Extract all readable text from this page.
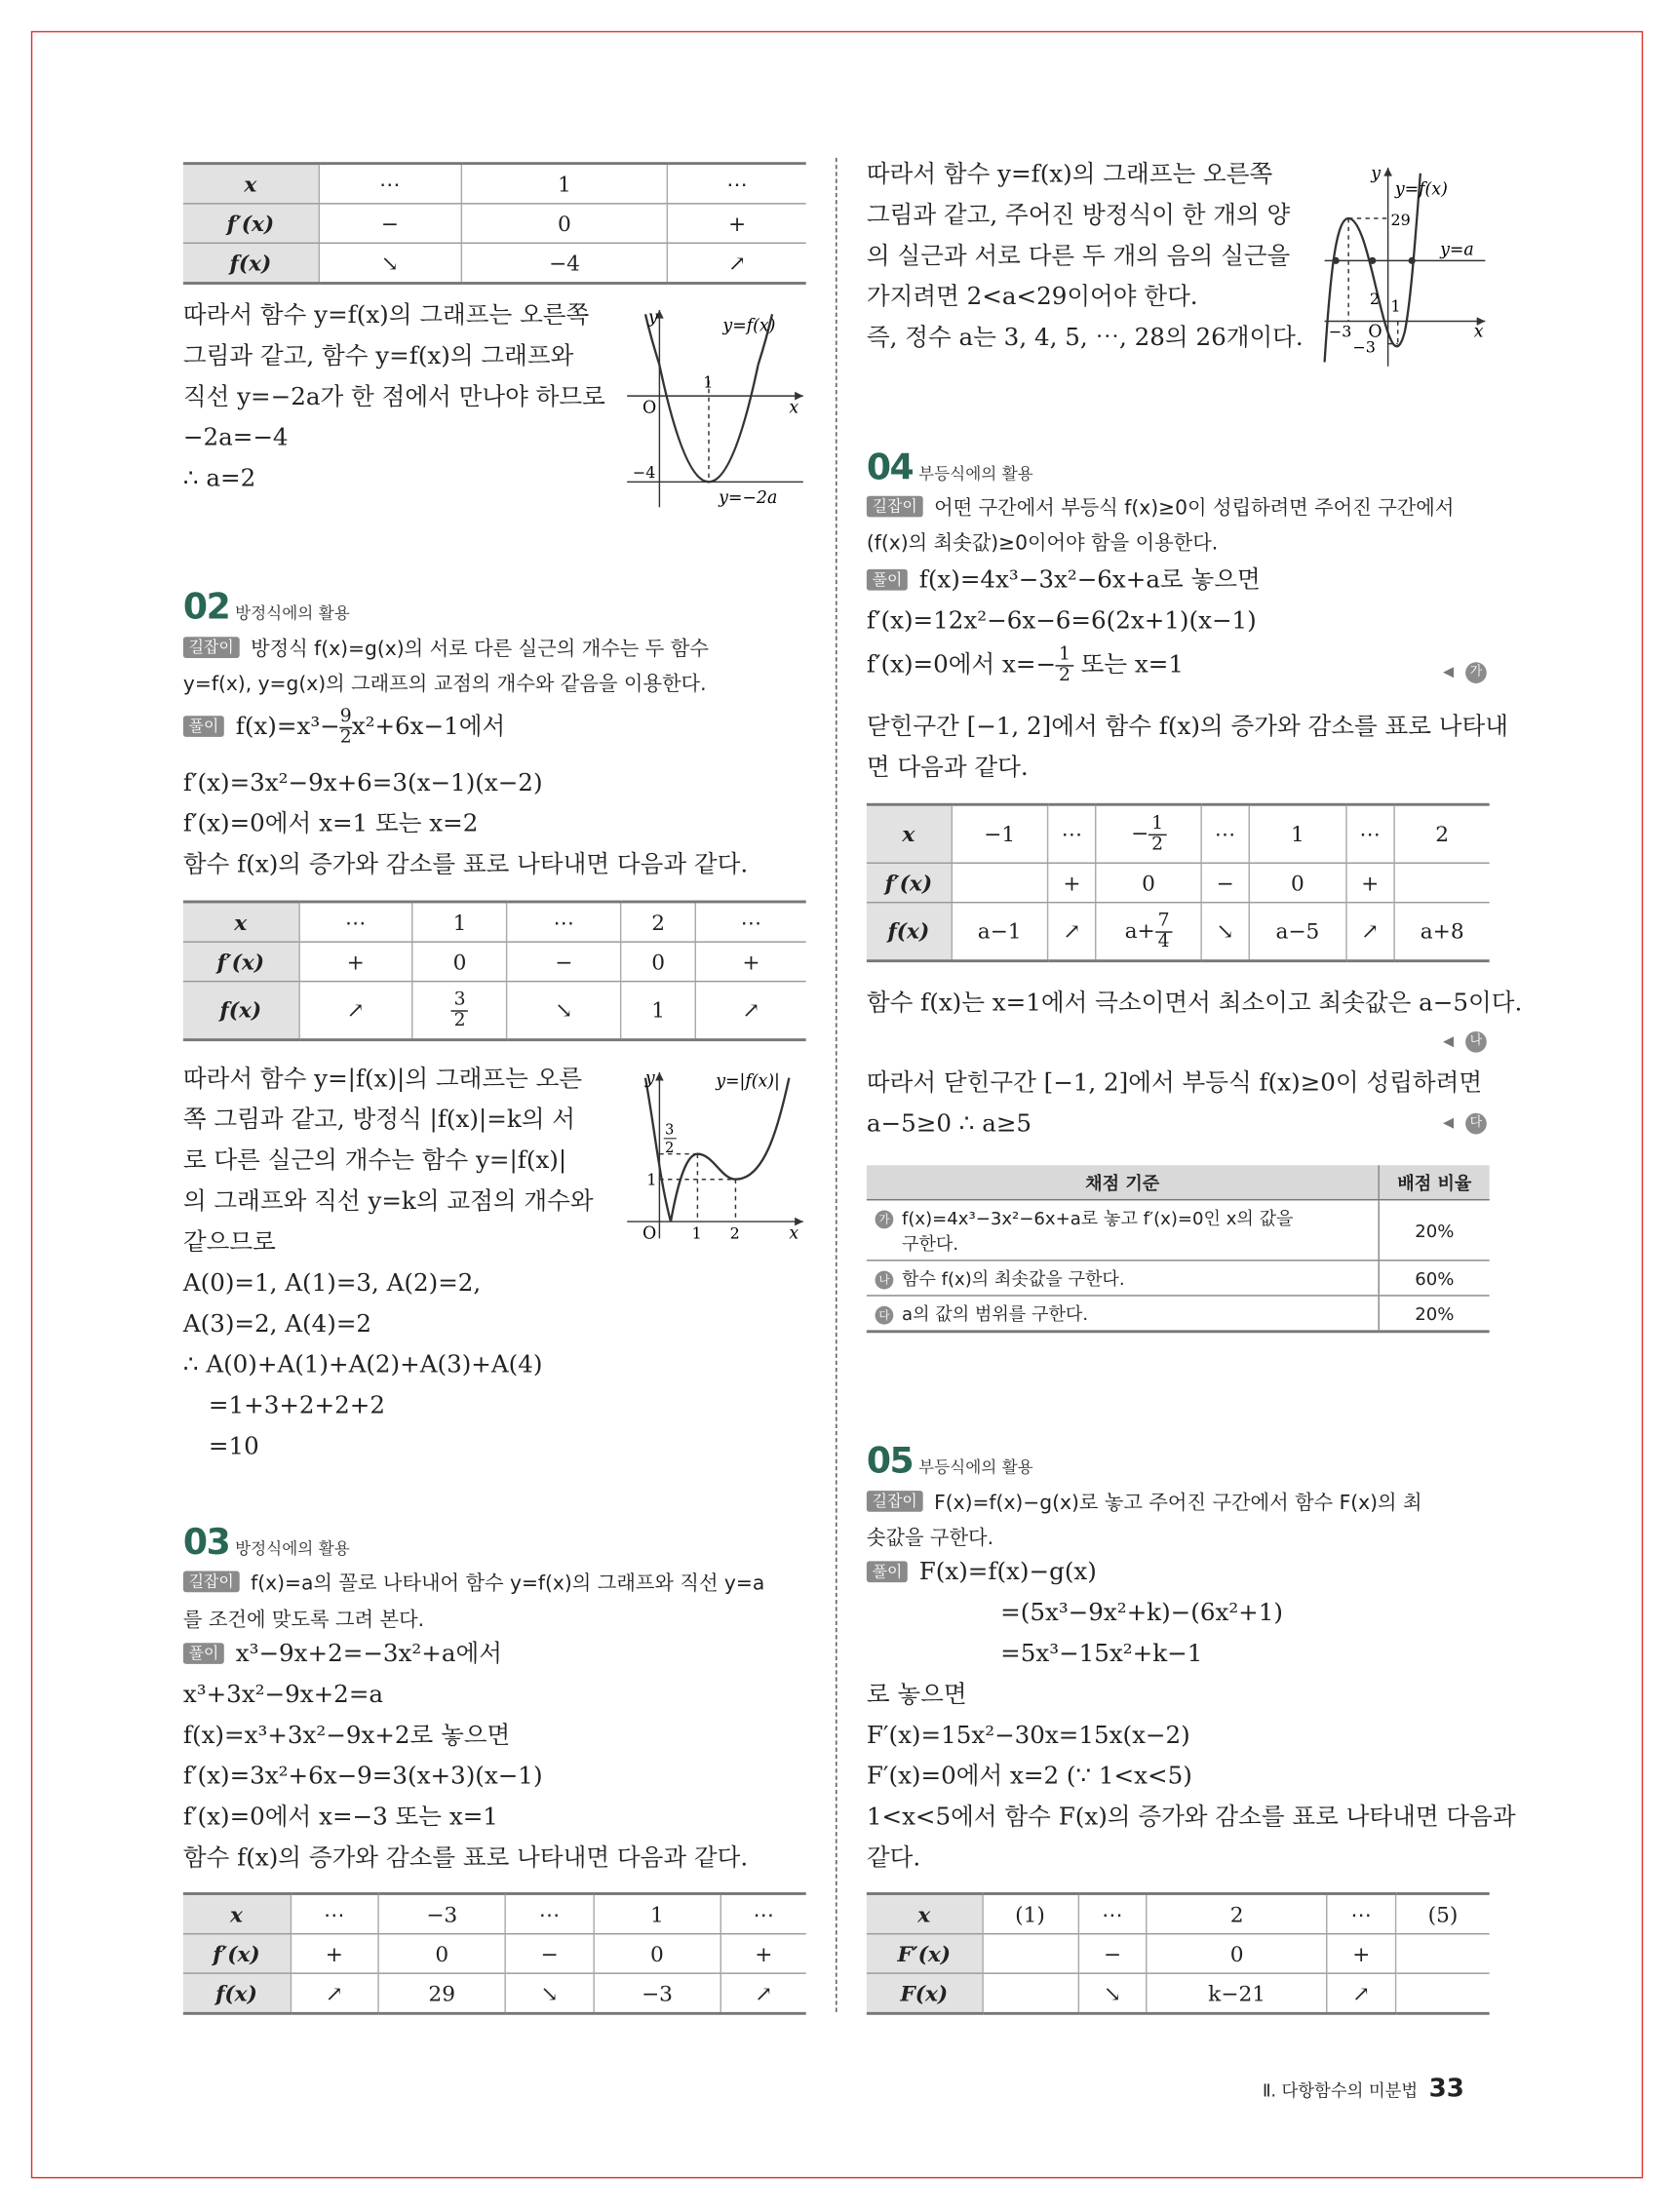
x	⋯	1	⋯
f′(x)	−	0	+
f(x)	↘	−4	↗
따라서 함수 y=f(x)의 그래프는 오른쪽
그림과 같고, 함수 y=f(x)의 그래프와
직선 y=−2a가 한 점에서 만나야 하므로
−2a=−4
∴ a=2
y
x
y=f(x)
O
1
−4
y=−2a
02 방정식에의 활용
길잡이 방정식 f(x)=g(x)의 서로 다른 실근의 개수는 두 함수
y=f(x), y=g(x)의 그래프의 교점의 개수와 같음을 이용한다.
풀이 $f(x)=x^3- \frac{9}{2} x^2+6x-1$에서
f′(x)=3x²−9x+6=3(x−1)(x−2)
f′(x)=0에서 x=1 또는 x=2
함수 f(x)의 증가와 감소를 표로 나타내면 다음과 같다.
x	⋯	1	⋯	2	⋯
f′(x)	+	0	−	0	+
f(x)	↗	$\frac{3}{2}$	↘	1	↗
따라서 함수 y=|f(x)|의 그래프는 오른
쪽 그림과 같고, 방정식 |f(x)|=k의 서
로 다른 실근의 개수는 함수 y=|f(x)|
의 그래프와 직선 y=k의 교점의 개수와
같으므로
A(0)=1, A(1)=3, A(2)=2,
A(3)=2, A(4)=2
∴ A(0)+A(1)+A(2)+A(3)+A(4)
=1+3+2+2+2
=10
y
x
y=|f(x)|
O	1	2
3
2
1
03 방정식에의 활용
길잡이 f(x)=a의 꼴로 나타내어 함수 y=f(x)의 그래프와 직선 y=a
를 조건에 맞도록 그려 본다.
풀이 x³−9x+2=−3x²+a에서
x³+3x²−9x+2=a
f(x)=x³+3x²−9x+2로 놓으면
f′(x)=3x²+6x−9=3(x+3)(x−1)
f′(x)=0에서 x=−3 또는 x=1
함수 f(x)의 증가와 감소를 표로 나타내면 다음과 같다.
x	⋯	−3	⋯	1	⋯
f′(x)	+	0	−	0	+
f(x)	↗	29	↘	−3	↗
따라서 함수 y=f(x)의 그래프는 오른쪽
그림과 같고, 주어진 방정식이 한 개의 양
의 실근과 서로 다른 두 개의 음의 실근을
가지려면 2<a<29이어야 한다.
즉, 정수 a는 3, 4, 5, ⋯, 28의 26개이다.
y
x
y=f(x)
y=a
29
2 1
−3 O
−3
04 부등식에의 활용
길잡이 어떤 구간에서 부등식 f(x)≥0이 성립하려면 주어진 구간에서
(f(x)의 최솟값)≥0이어야 함을 이용한다.
풀이 f(x)=4x³−3x²−6x+a로 놓으면
f′(x)=12x²−6x−6=6(2x+1)(x−1)
f′(x)=0에서 $x=- \frac{1}{2}$ 또는 x=1	◀	가
닫힌구간 [−1, 2]에서 함수 f(x)의 증가와 감소를 표로 나타내
면 다음과 같다.
x	−1	⋯	− $\frac{1}{2}$	⋯	1	⋯	2
f′(x)		+	0	−	0	+	
f(x)	a−1	↗	$a+ \frac{7}{4}$	↘	a−5	↗	a+8
함수 f(x)는 x=1에서 극소이면서 최소이고 최솟값은 a−5이다.
◀	나
따라서 닫힌구간 [−1, 2]에서 부등식 f(x)≥0이 성립하려면
a−5≥0 ∴ a≥5	◀	다
채점 기준	배점 비율
가 f(x)=4x³−3x²−6x+a로 놓고 f′(x)=0인 x의 값을
구한다.	20%
나 함수 f(x)의 최솟값을 구한다.	60%
다 a의 값의 범위를 구한다.	20%
05 부등식에의 활용
길잡이 F(x)=f(x)−g(x)로 놓고 주어진 구간에서 함수 F(x)의 최
솟값을 구한다.
풀이 F(x)=f(x)−g(x)
=(5x³−9x²+k)−(6x²+1)
=5x³−15x²+k−1
로 놓으면
F′(x)=15x²−30x=15x(x−2)
F′(x)=0에서 x=2 (∵ 1<x<5)
1<x<5에서 함수 F(x)의 증가와 감소를 표로 나타내면 다음과
같다.
x	(1)	⋯	2	⋯	(5)
F′(x)		−	0	+	
F(x)		↘	k−21	↗	
Ⅱ. 다항함수의 미분법 33
